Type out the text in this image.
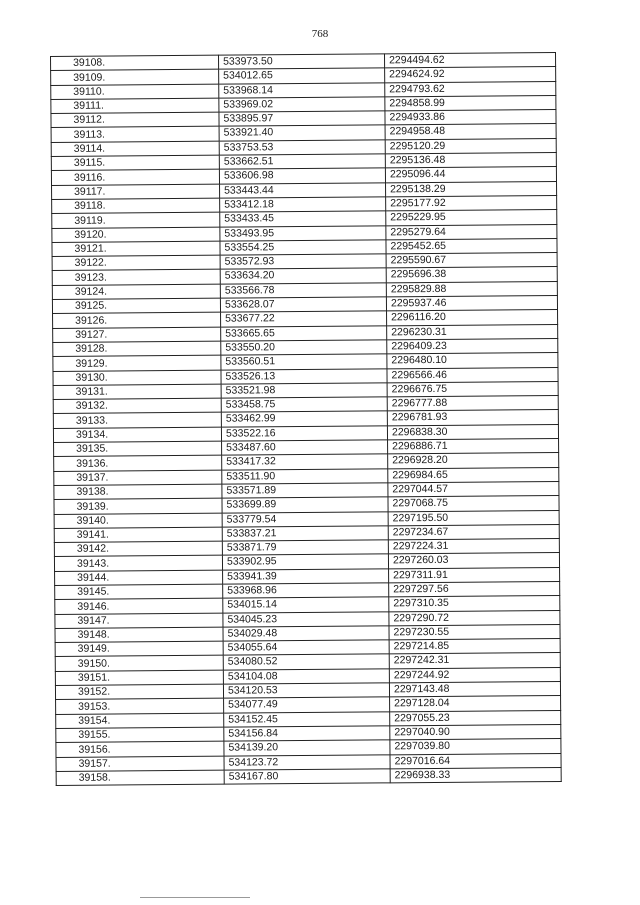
768
39108.	533973.50	2294494.62
39109.	534012.65	2294624.92
39110.	533968.14	2294793.62
39111.	533969.02	2294858.99
39112.	533895.97	2294933.86
39113.	533921.40	2294958.48
39114.	533753.53	2295120.29
39115.	533662.51	2295136.48
39116.	533606.98	2295096.44
39117.	533443.44	2295138.29
39118.	533412.18	2295177.92
39119.	533433.45	2295229.95
39120.	533493.95	2295279.64
39121.	533554.25	2295452.65
39122.	533572.93	2295590.67
39123.	533634.20	2295696.38
39124.	533566.78	2295829.88
39125.	533628.07	2295937.46
39126.	533677.22	2296116.20
39127.	533665.65	2296230.31
39128.	533550.20	2296409.23
39129.	533560.51	2296480.10
39130.	533526.13	2296566.46
39131.	533521.98	2296676.75
39132.	533458.75	2296777.88
39133.	533462.99	2296781.93
39134.	533522.16	2296838.30
39135.	533487.60	2296886.71
39136.	533417.32	2296928.20
39137.	533511.90	2296984.65
39138.	533571.89	2297044.57
39139.	533699.89	2297068.75
39140.	533779.54	2297195.50
39141.	533837.21	2297234.67
39142.	533871.79	2297224.31
39143.	533902.95	2297260.03
39144.	533941.39	2297311.91
39145.	533968.96	2297297.56
39146.	534015.14	2297310.35
39147.	534045.23	2297290.72
39148.	534029.48	2297230.55
39149.	534055.64	2297214.85
39150.	534080.52	2297242.31
39151.	534104.08	2297244.92
39152.	534120.53	2297143.48
39153.	534077.49	2297128.04
39154.	534152.45	2297055.23
39155.	534156.84	2297040.90
39156.	534139.20	2297039.80
39157.	534123.72	2297016.64
39158.	534167.80	2296938.33
